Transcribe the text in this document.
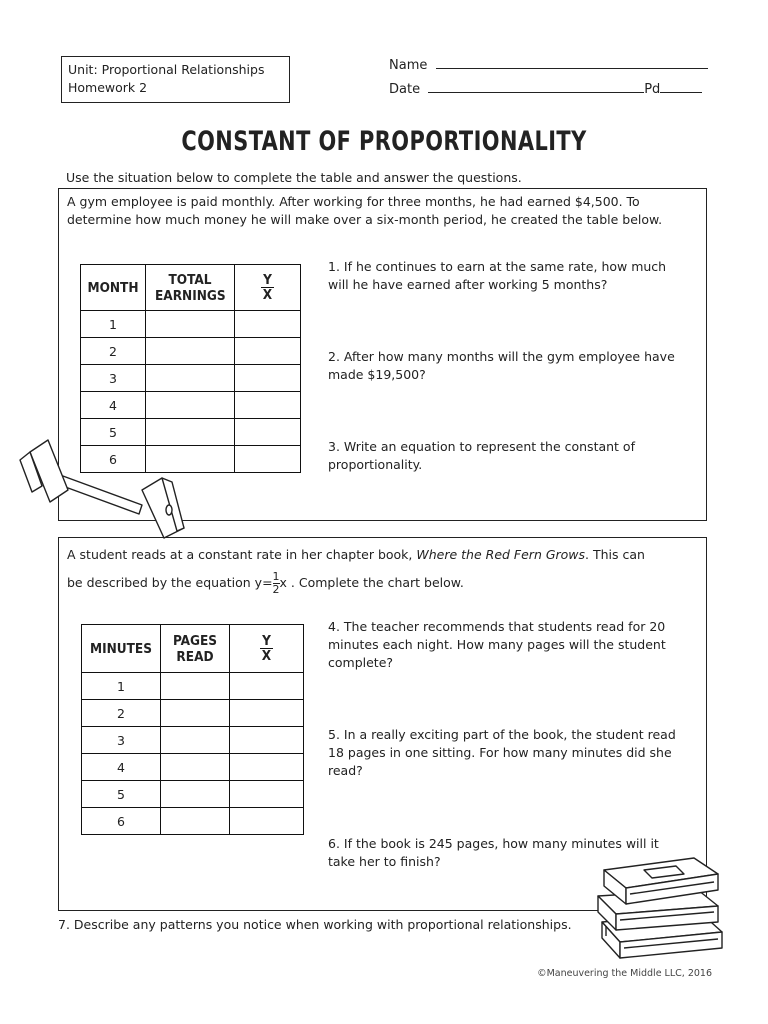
Unit: Proportional Relationships
Homework 2
Name
Date	Pd
CONSTANT OF PROPORTIONALITY
Use the situation below to complete the table and answer the questions.
A gym employee is paid monthly. After working for three months, he had earned $4,500. To determine how much money he will make over a six-month period, he created the table below.
MONTH	TOTAL EARNINGS	$\frac{Y}{X}$

1		
2		
3		
4		
5		
6		
1. If he continues to earn at the same rate, how much will he have earned after working 5 months?
2. After how many months will the gym employee have made $19,500?
3. Write an equation to represent the constant of proportionality.
A student reads at a constant rate in her chapter book, Where the Red Fern Grows. This can
be described by the equation $y= \frac{1}{2}$ x . Complete the chart below.
MINUTES	PAGES READ	$\frac{Y}{X}$

1		
2		
3		
4		
5		
6		
4. The teacher recommends that students read for 20 minutes each night. How many pages will the student complete?
5. In a really exciting part of the book, the student read 18 pages in one sitting. For how many minutes did she read?
6. If the book is 245 pages, how many minutes will it take her to finish?
7. Describe any patterns you notice when working with proportional relationships.
©Maneuvering the Middle LLC, 2016
